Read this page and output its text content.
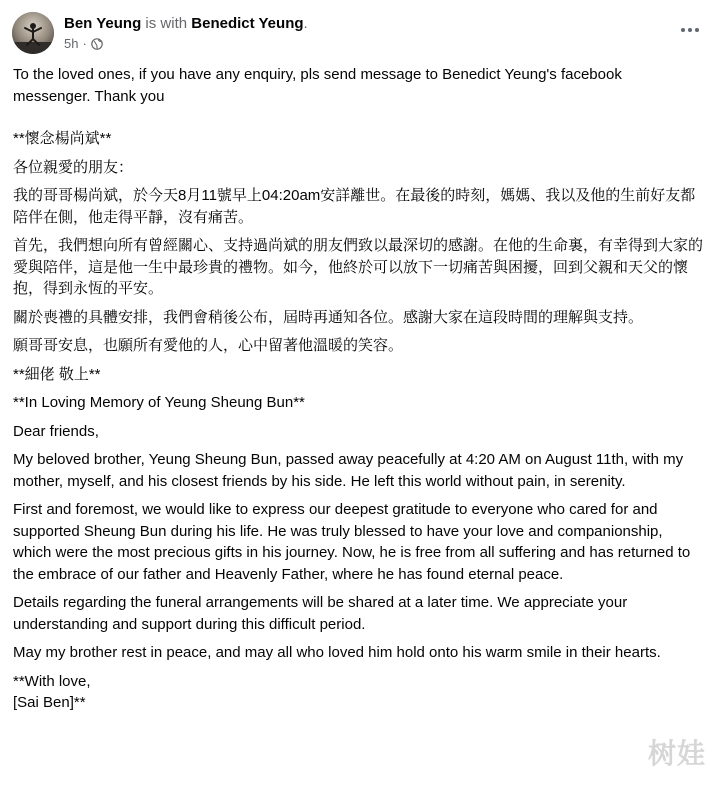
Ben Yeung is with Benedict Yeung.
5h ·

To the loved ones, if you have any enquiry, pls send message to Benedict Yeung's facebook messenger. Thank you

**懷念楊尚斌**

各位親愛的朋友：

我的哥哥楊尚斌，於今天8月11號早上04:20am安詳離世。在最後的時刻，媽媽、我以及他的生前好友都陪伴在側，他走得平靜，沒有痛苦。

首先，我們想向所有曾經關心、支持過尚斌的朋友們致以最深切的感謝。在他的生命裏，有幸得到大家的愛與陪伴，這是他一生中最珍貴的禮物。如今，他終於可以放下一切痛苦與困擾，回到父親和天父的懷抱，得到永恆的平安。

關於喪禮的具體安排，我們會稍後公布，屆時再通知各位。感謝大家在這段時間的理解與支持。

願哥哥安息，也願所有愛他的人，心中留著他溫暖的笑容。

**細佬 敬上**

**In Loving Memory of Yeung Sheung Bun**

Dear friends,

My beloved brother, Yeung Sheung Bun, passed away peacefully at 4:20 AM on August 11th, with my mother, myself, and his closest friends by his side. He left this world without pain, in serenity.

First and foremost, we would like to express our deepest gratitude to everyone who cared for and supported Sheung Bun during his life. He was truly blessed to have your love and companionship, which were the most precious gifts in his journey. Now, he is free from all suffering and has returned to the embrace of our father and Heavenly Father, where he has found eternal peace.

Details regarding the funeral arrangements will be shared at a later time. We appreciate your understanding and support during this difficult period.

May my brother rest in peace, and may all who loved him hold onto his warm smile in their hearts.

**With love,

[Sai Ben]**

树娃
